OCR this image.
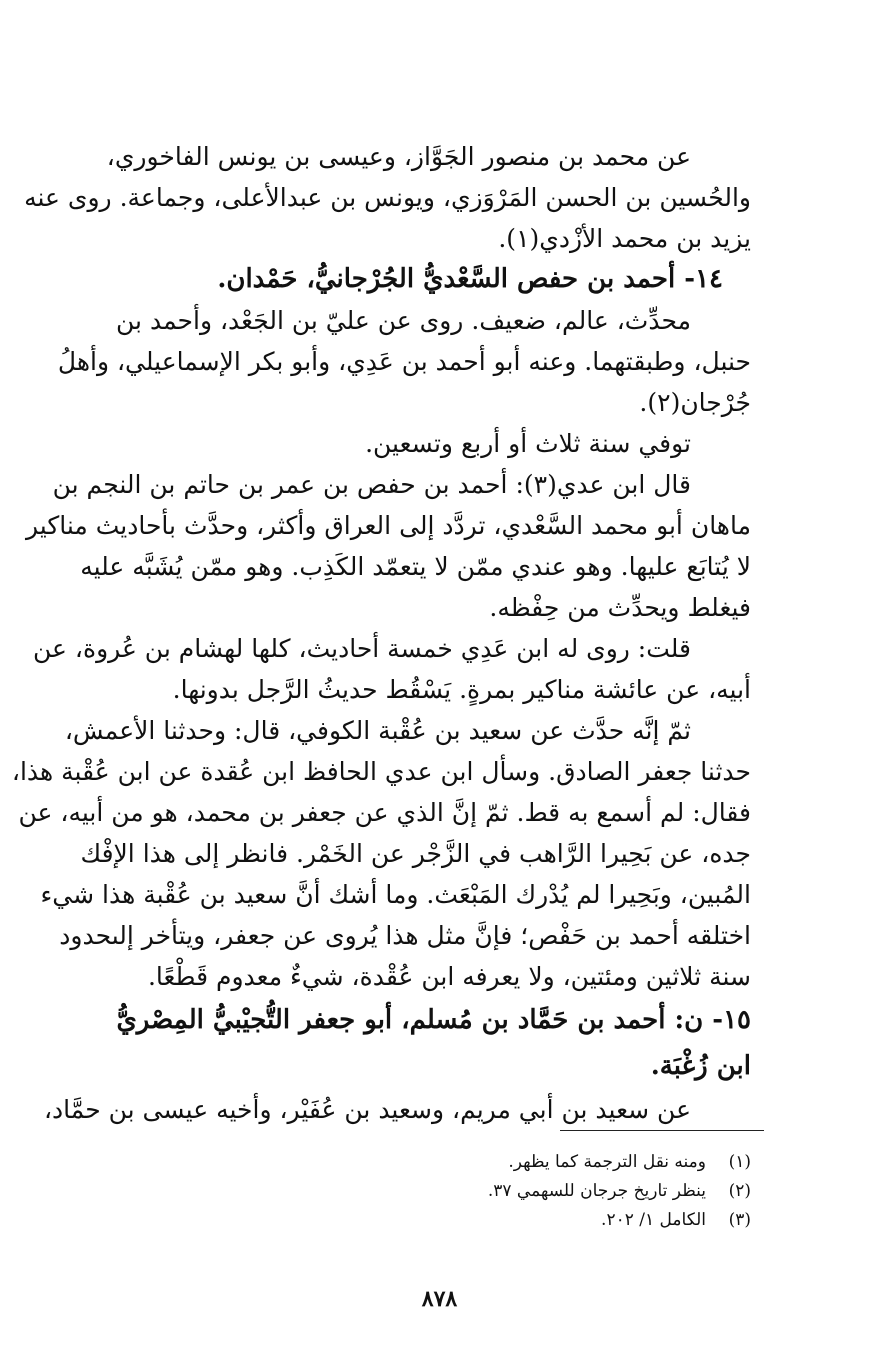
عن محمد بن منصور الجَوَّاز، وعيسى بن يونس الفاخوري،
والحُسين بن الحسن المَرْوَزي، ويونس بن عبدالأعلى، وجماعة. روى عنه
يزيد بن محمد الأزْدي(١).
١٤- أحمد بن حفص السَّعْديُّ الجُرْجانيُّ، حَمْدان.
محدِّث، عالم، ضعيف. روى عن عليّ بن الجَعْد، وأحمد بن
حنبل، وطبقتهما. وعنه أبو أحمد بن عَدِي، وأبو بكر الإسماعيلي، وأهلُ
جُرْجان(٢).
توفي سنة ثلاث أو أربع وتسعين.
قال ابن عدي(٣): أحمد بن حفص بن عمر بن حاتم بن النجم بن
ماهان أبو محمد السَّعْدي، تردَّد إلى العراق وأكثر، وحدَّث بأحاديث مناكير
لا يُتابَع عليها. وهو عندي ممّن لا يتعمّد الكَذِب. وهو ممّن يُشَبَّه عليه
فيغلط ويحدِّث من حِفْظه.
قلت: روى له ابن عَدِي خمسة أحاديث، كلها لهشام بن عُروة، عن
أبيه، عن عائشة مناكير بمرةٍ. يَسْقُط حديثُ الرَّجل بدونها.
ثمّ إنَّه حدَّث عن سعيد بن عُقْبة الكوفي، قال: وحدثنا الأعمش،
حدثنا جعفر الصادق. وسأل ابن عدي الحافظ ابن عُقدة عن ابن عُقْبة هذا،
فقال: لم أسمع به قط. ثمّ إنَّ الذي عن جعفر بن محمد، هو من أبيه، عن
جده، عن بَحِيرا الرَّاهب في الزَّجْر عن الخَمْر. فانظر إلى هذا الإفْك
المُبين، وبَحِيرا لم يُدْرك المَبْعَث. وما أشك أنَّ سعيد بن عُقْبة هذا شيء
اختلقه أحمد بن حَفْص؛ فإنَّ مثل هذا يُروى عن جعفر، ويتأخر إلىحدود
سنة ثلاثين ومئتين، ولا يعرفه ابن عُقْدة، شيءٌ معدوم قَطْعًا.
١٥- ن: أحمد بن حَمَّاد بن مُسلم، أبو جعفر التُّجيْبيُّ المِصْريُّ
ابن زُغْبَة.
عن سعيد بن أبي مريم، وسعيد بن عُفَيْر، وأخيه عيسى بن حمَّاد،
(١)ومنه نقل الترجمة كما يظهر.
(٢)ينظر تاريخ جرجان للسهمي ٣٧.
(٣)الكامل ١/ ٢٠٢.
٨٧٨
